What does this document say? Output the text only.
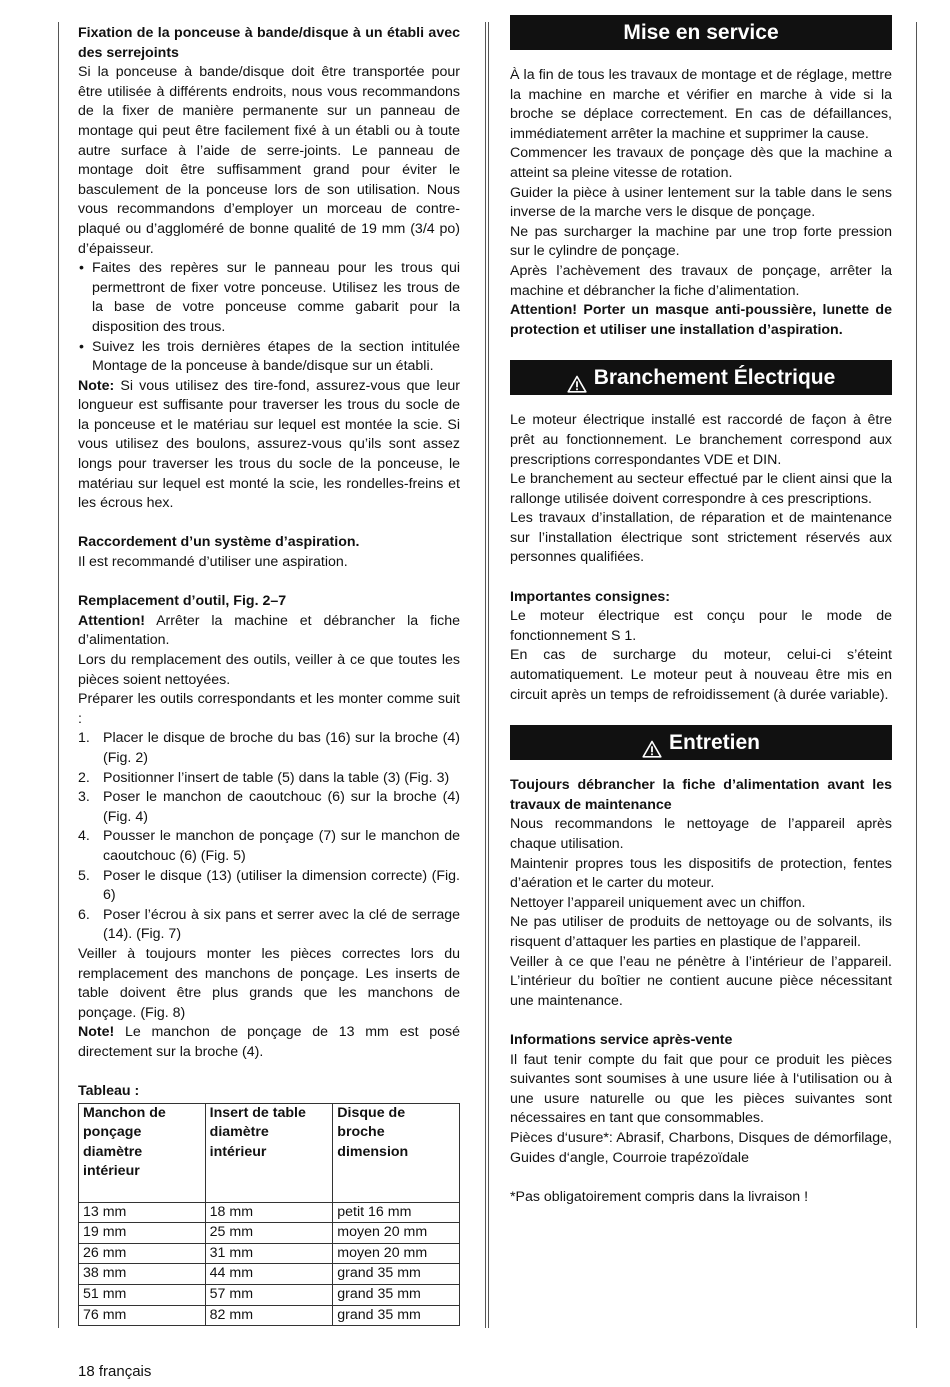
Fixation de la ponceuse à bande/disque à un établi avec des serrejoints

Si la ponceuse à bande/disque doit être transportée pour être utilisée à différents endroits, nous vous recommandons de la fixer de manière permanente sur un panneau de montage qui peut être facilement fixé à un établi ou à toute autre surface à l’aide de serre-joints. Le panneau de montage doit être suffisamment grand pour éviter le basculement de la ponceuse lors de son utilisation. Nous vous recommandons d’employer un morceau de contre-plaqué ou d’aggloméré de bonne qualité de 19 mm (3/4 po) d’épaisseur.

• Faites des repères sur le panneau pour les trous qui permettront de fixer votre ponceuse. Utilisez les trous de la base de votre ponceuse comme gabarit pour la disposition des trous.
• Suivez les trois dernières étapes de la section intitulée Montage de la ponceuse à bande/disque sur un établi.

Note: Si vous utilisez des tire-fond, assurez-vous que leur longueur est suffisante pour traverser les trous du socle de la ponceuse et le matériau sur lequel est montée la scie. Si vous utilisez des boulons, assurez-vous qu’ils sont assez longs pour traverser les trous du socle de la ponceuse, le matériau sur lequel est monté la scie, les rondelles-freins et les écrous hex.

Raccordement d’un système d’aspiration.

Il est recommandé d’utiliser une aspiration.

Remplacement d’outil, Fig. 2–7

Attention! Arrêter la machine et débrancher la fiche d’alimentation.

Lors du remplacement des outils, veiller à ce que toutes les pièces soient nettoyées.

Préparer les outils correspondants et les monter comme suit :

1. Placer le disque de broche du bas (16) sur la broche (4) (Fig. 2)
2. Positionner l’insert de table (5) dans la table (3) (Fig. 3)
3. Poser le manchon de caoutchouc (6) sur la broche (4) (Fig. 4)
4. Pousser le manchon de ponçage (7) sur le manchon de caoutchouc (6) (Fig. 5)
5. Poser le disque (13) (utiliser la dimension correcte) (Fig. 6)
6. Poser l’écrou à six pans et serrer avec la clé de serrage (14). (Fig. 7)

Veiller à toujours monter les pièces correctes lors du remplacement des manchons de ponçage. Les inserts de table doivent être plus grands que les manchons de ponçage. (Fig. 8)

Note! Le manchon de ponçage de 13 mm est posé directement sur la broche (4).

Tableau :

Manchon de ponçage diamètre intérieur	Insert de table diamètre intérieur	Disque de broche dimension
13 mm	18 mm	petit 16 mm
19 mm	25 mm	moyen 20 mm
26 mm	31 mm	moyen 20 mm
38 mm	44 mm	grand 35 mm
51 mm	57 mm	grand 35 mm
76 mm	82 mm	grand 35 mm
Mise en service

À la fin de tous les travaux de montage et de réglage, mettre la machine en marche et vérifier en marche à vide si la broche se déplace correctement. En cas de défaillances, immédiatement arrêter la machine et supprimer la cause.

Commencer les travaux de ponçage dès que la machine a atteint sa pleine vitesse de rotation.

Guider la pièce à usiner lentement sur la table dans le sens inverse de la marche vers le disque de ponçage.

Ne pas surcharger la machine par une trop forte pression sur le cylindre de ponçage.

Après l’achèvement des travaux de ponçage, arrêter la machine et débrancher la fiche d’alimentation.

Attention! Porter un masque anti-poussière, lunette de protection et utiliser une installation d’aspiration.

Branchement Électrique

Le moteur électrique installé est raccordé de façon à être prêt au fonctionnement. Le branchement correspond aux prescriptions correspondantes VDE et DIN.

Le branchement au secteur effectué par le client ainsi que la rallonge utilisée doivent correspondre à ces prescriptions.

Les travaux d’installation, de réparation et de maintenance sur l’installation électrique sont strictement réservés aux personnes qualifiées.

Importantes consignes:

Le moteur électrique est conçu pour le mode de fonctionnement S 1.

En cas de surcharge du moteur, celui-ci s’éteint automatiquement. Le moteur peut à nouveau être mis en circuit après un temps de refroidissement (à durée variable).

Entretien

Toujours débrancher la fiche d’alimentation avant les travaux de maintenance

Nous recommandons le nettoyage de l’appareil après chaque utilisation.

Maintenir propres tous les dispositifs de protection, fentes d’aération et le carter du moteur.

Nettoyer l’appareil uniquement avec un chiffon.

Ne pas utiliser de produits de nettoyage ou de solvants, ils risquent d’attaquer les parties en plastique de l’appareil.

Veiller à ce que l’eau ne pénètre à l’intérieur de l’appareil. L’intérieur du boîtier ne contient aucune pièce nécessitant une maintenance.

Informations service après-vente

Il faut tenir compte du fait que pour ce produit les pièces suivantes sont soumises à une usure liée à l‘utilisation ou à une usure naturelle ou que les pièces suivantes sont nécessaires en tant que consommables.

Pièces d‘usure*: Abrasif, Charbons, Disques de démorfilage, Guides d‘angle, Courroie trapézoïdale

*Pas obligatoirement compris dans la livraison !

18 français
